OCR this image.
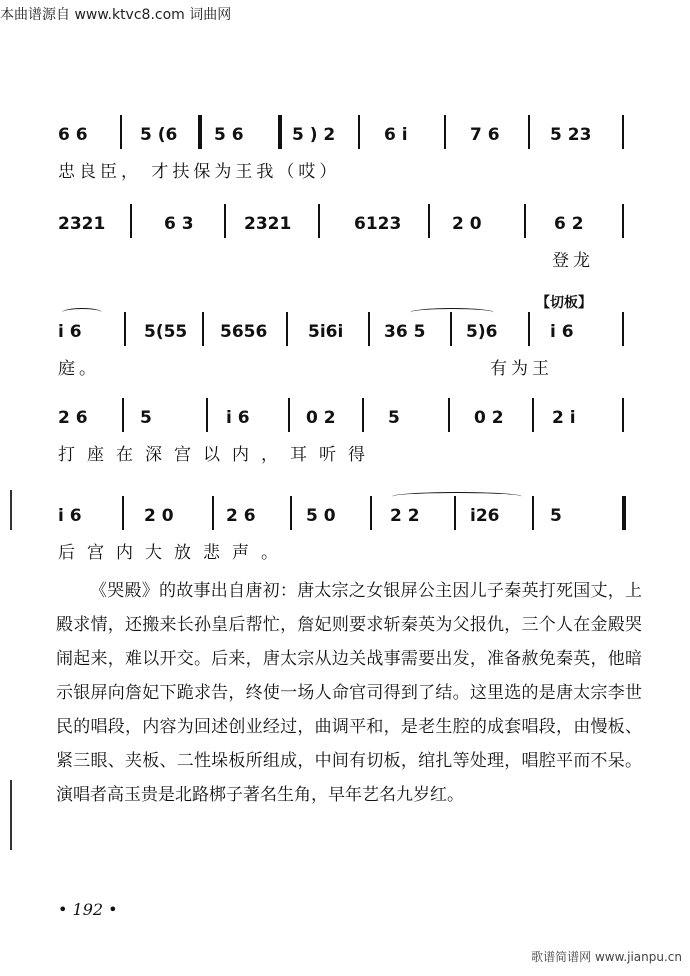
本曲谱源自 www.ktvc8.com 词曲网
6 6	5 (6 5 6	5 ) 2	6 i	7 6	5 23
忠良臣， 才扶保为王我（哎）
2321	6 3	2321	6123	2 0	6 2
登龙
【切板】
i 6	5(55 5656 5i6i 36 5 5)6	i 6
庭。	有为王
2 6	5	i 6	0 2	5	0 2	2 i
打座在深宫以内，耳听得
i 6	2 0	2 6	5 0	2 2	i26	5
后宫内大放悲声。

《哭殿》的故事出自唐初：唐太宗之女银屏公主因儿子秦英打死国丈，上殿求情，还搬来长孙皇后帮忙，詹妃则要求斩秦英为父报仇，三个人在金殿哭闹起来，难以开交。后来，唐太宗从边关战事需要出发，准备赦免秦英，他暗示银屏向詹妃下跪求告，终使一场人命官司得到了结。这里选的是唐太宗李世民的唱段，内容为回述创业经过，曲调平和，是老生腔的成套唱段，由慢板、紧三眼、夹板、二性垛板所组成，中间有切板，绾扎等处理，唱腔平而不呆。演唱者高玉贵是北路梆子著名生角，早年艺名九岁红。

• 192 •
歌谱简谱网 www.jianpu.cn
